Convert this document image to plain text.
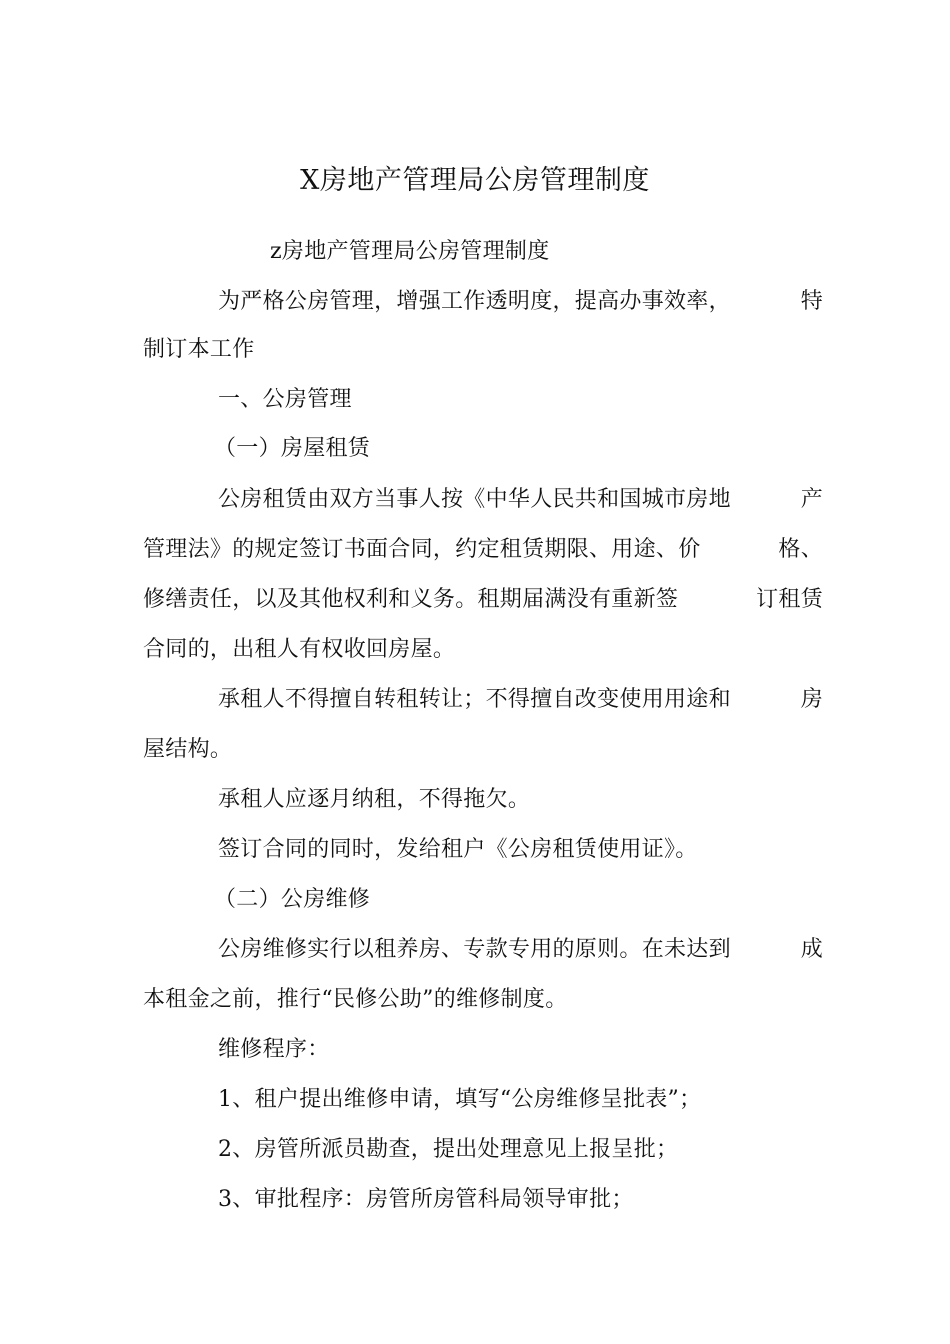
X房地产管理局公房管理制度
z房地产管理局公房管理制度
为严格公房管理，增强工作透明度，提高办事效率，	特
制订本工作
一、公房管理
（一）房屋租赁
公房租赁由双方当事人按《中华人民共和国城市房地	产
管理法》的规定签订书面合同，约定租赁期限、用途、价	格、
修缮责任，以及其他权利和义务。租期届满没有重新签	订租赁
合同的，出租人有权收回房屋。
承租人不得擅自转租转让；不得擅自改变使用用途和	房
屋结构。
承租人应逐月纳租，不得拖欠。
签订合同的同时，发给租户《公房租赁使用证》。
（二）公房维修
公房维修实行以租养房、专款专用的原则。在未达到	成
本租金之前，推行“民修公助”的维修制度。
维修程序：
1、租户提出维修申请，填写“公房维修呈批表”；
2、房管所派员勘查，提出处理意见上报呈批；
3、审批程序：房管所房管科局领导审批；
